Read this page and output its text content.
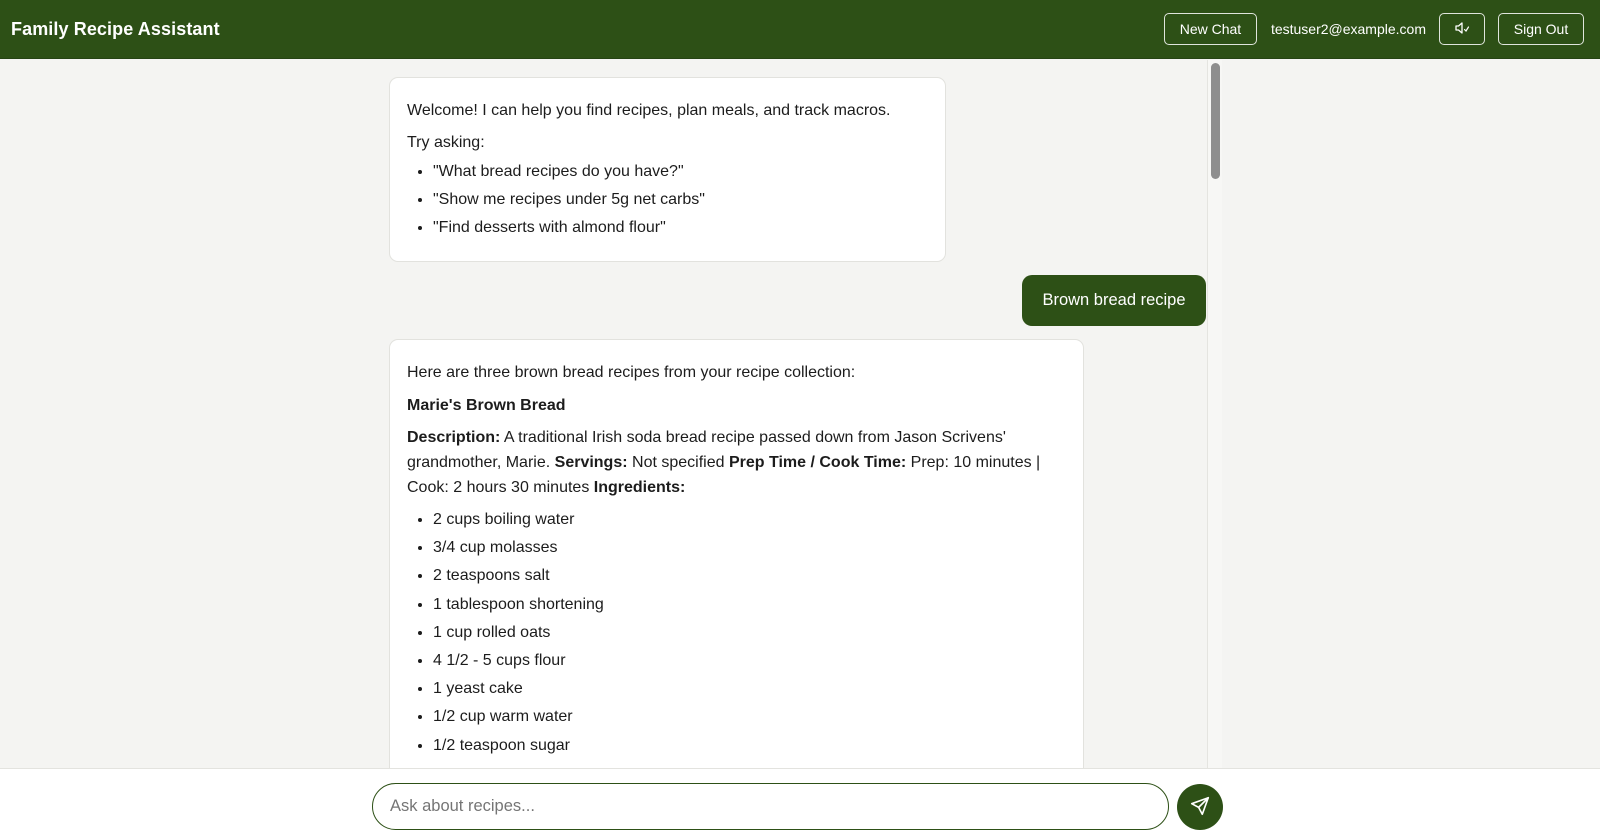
Family Recipe Assistant	New Chat	testuser2@example.com	Sign Out

Welcome! I can help you find recipes, plan meals, and track macros.

Try asking:

• "What bread recipes do you have?"
• "Show me recipes under 5g net carbs"
• "Find desserts with almond flour"
Brown bread recipe

Here are three brown bread recipes from your recipe collection:

Marie's Brown Bread

Description: A traditional Irish soda bread recipe passed down from Jason Scrivens' grandmother, Marie. Servings: Not specified Prep Time / Cook Time: Prep: 10 minutes | Cook: 2 hours 30 minutes Ingredients:

• 2 cups boiling water
• 3/4 cup molasses
• 2 teaspoons salt
• 1 tablespoon shortening
• 1 cup rolled oats
• 4 1/2 - 5 cups flour
• 1 yeast cake
• 1/2 cup warm water
• 1/2 teaspoon sugar
Ask about recipes...
